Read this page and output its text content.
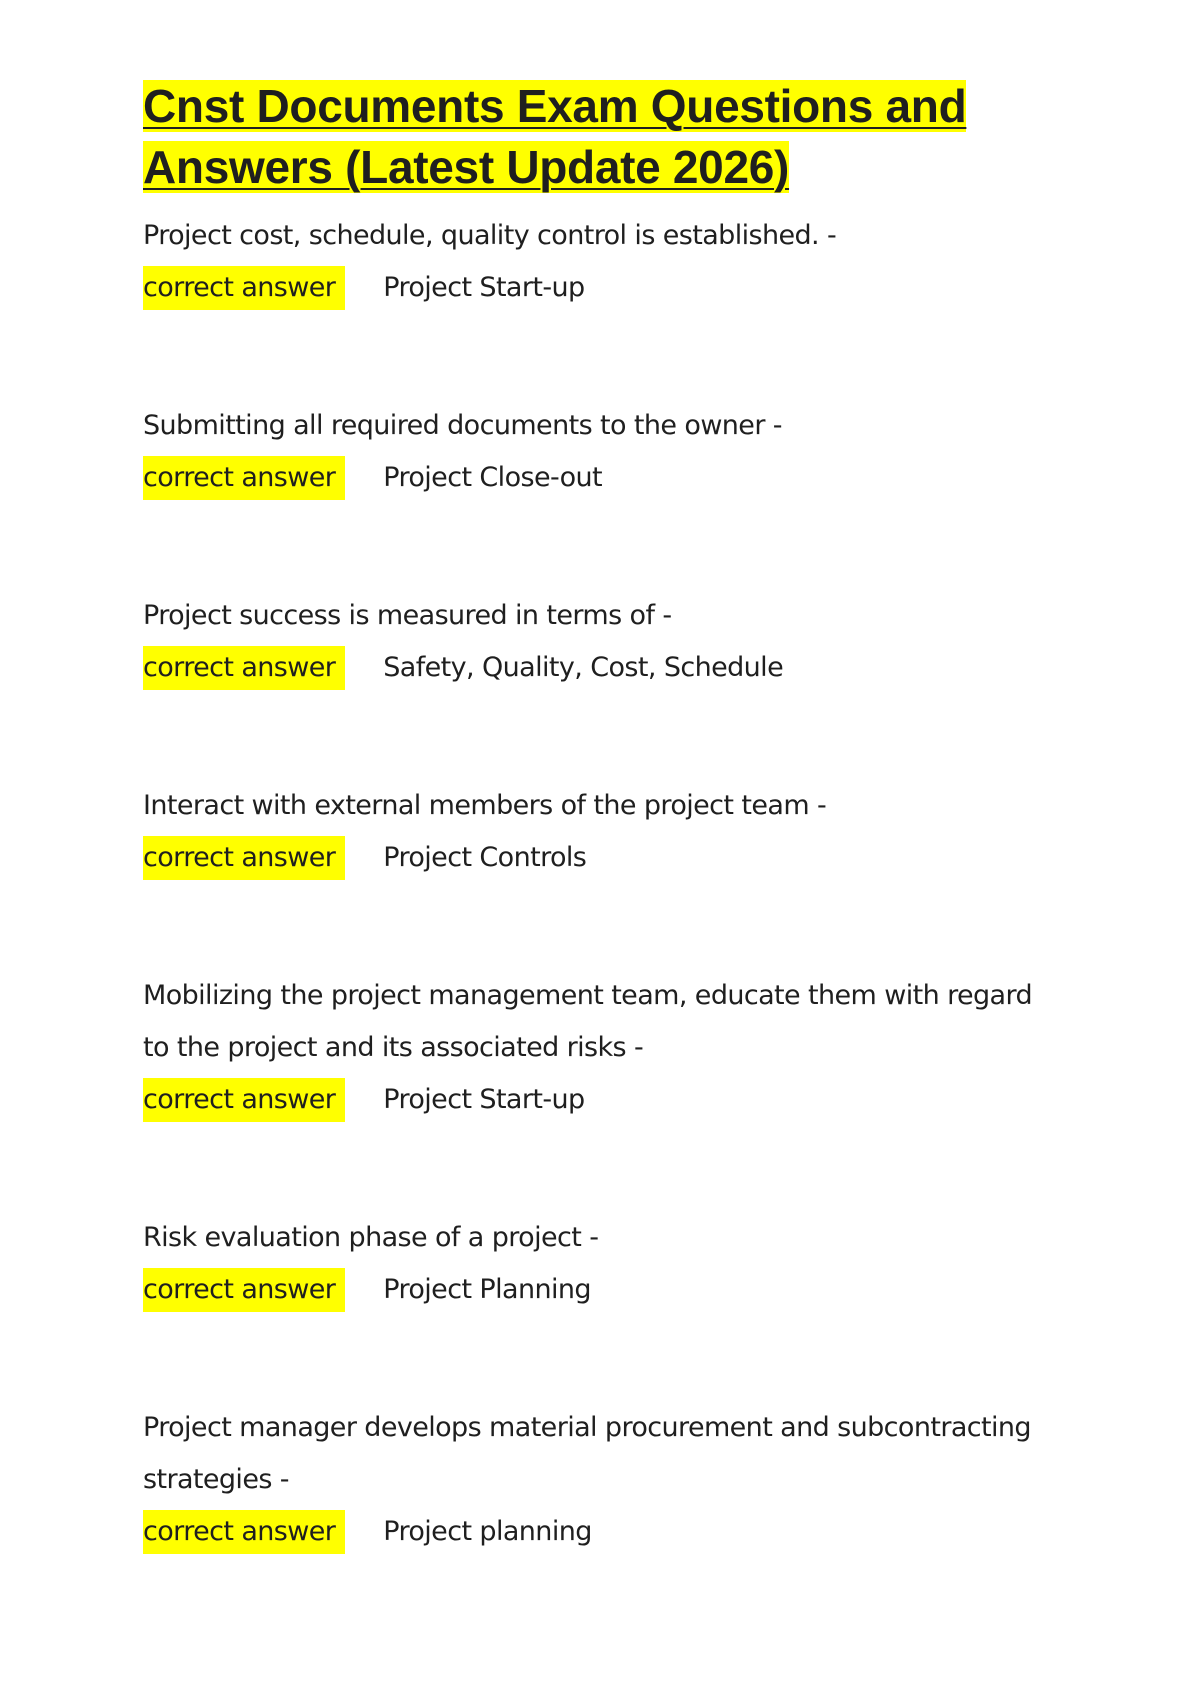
Cnst Documents Exam Questions and Answers (Latest Update 2026)

Project cost, schedule, quality control is established. -

correct answer Project Start-up

Submitting all required documents to the owner -

correct answer Project Close-out

Project success is measured in terms of -

correct answer Safety, Quality, Cost, Schedule

Interact with external members of the project team -

correct answer Project Controls

Mobilizing the project management team, educate them with regard to the project and its associated risks -

correct answer Project Start-up

Risk evaluation phase of a project -

correct answer Project Planning

Project manager develops material procurement and subcontracting strategies -

correct answer Project planning
